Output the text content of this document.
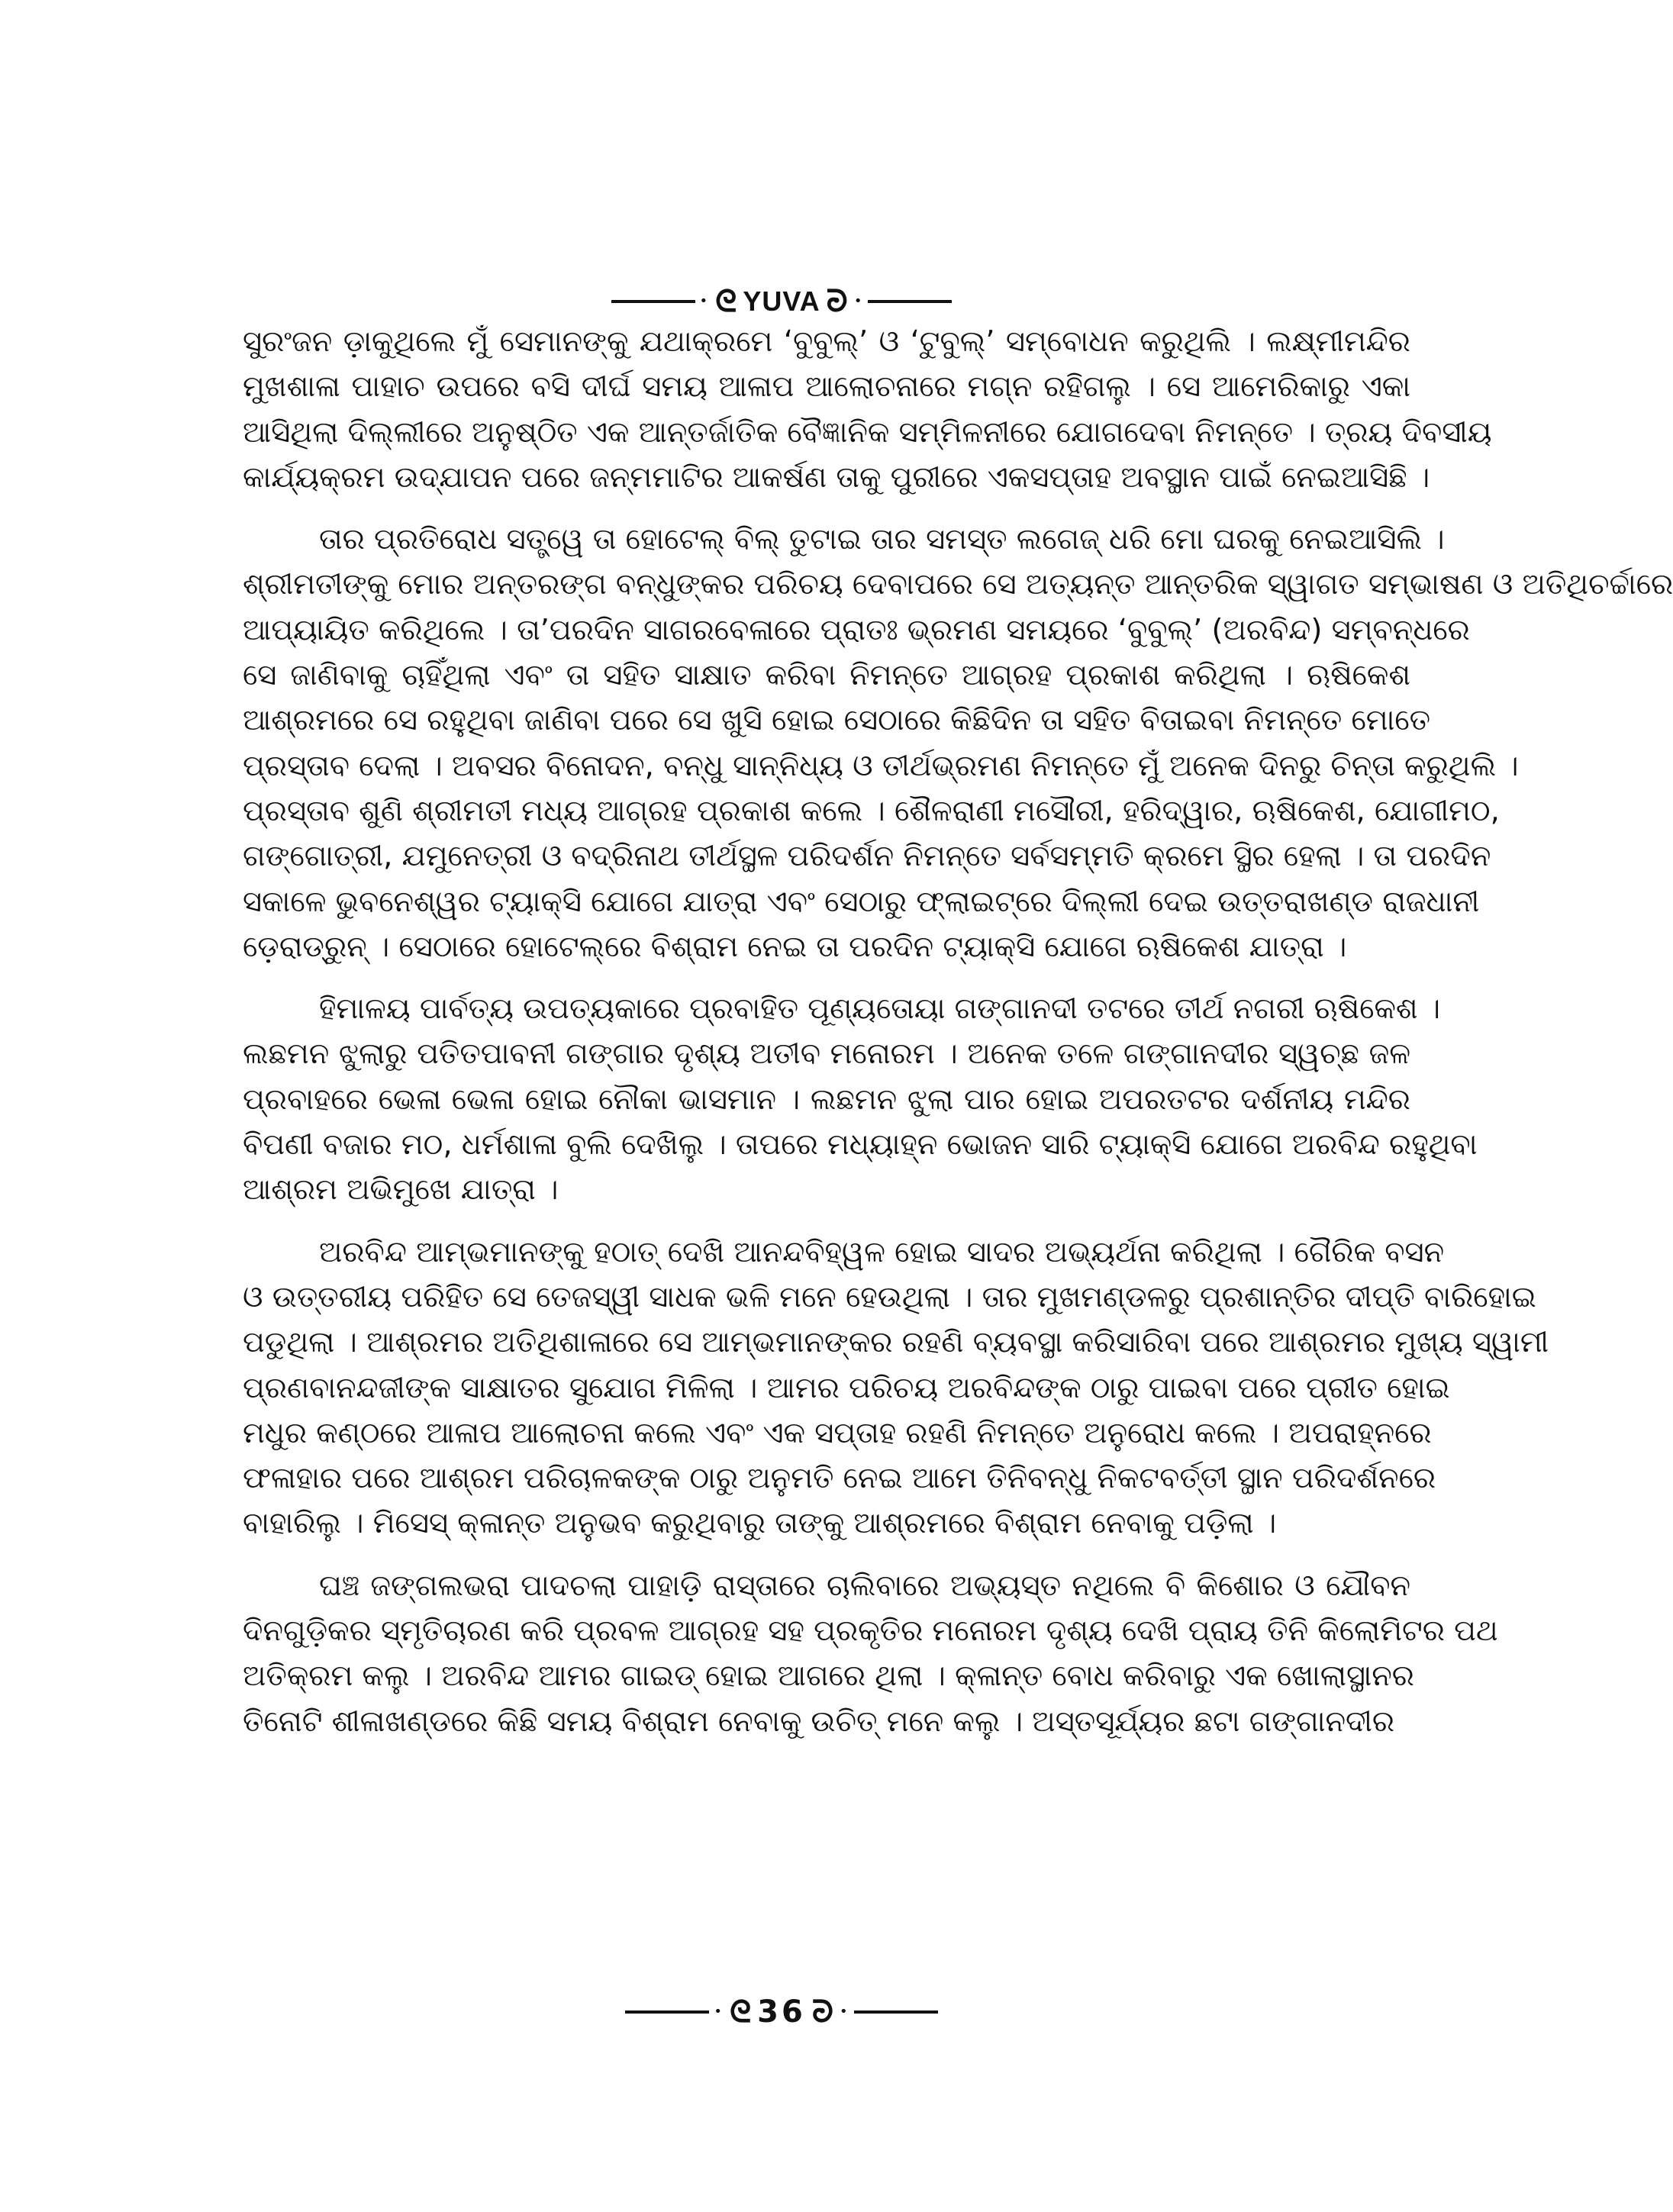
• ᘓ YUVA ᘒ •
ସୁରଂଜନ ଡ଼ାକୁଥିଲେ ମୁଁ ସେମାନଙ୍କୁ ଯଥାକ୍ରମେ ‘ବୁବୁଲ୍’ ଓ ‘ଟୁବୁଲ୍’ ସମ୍ବୋଧନ କରୁଥିଲି । ଲକ୍ଷ୍ମୀମନ୍ଦିର
ମୁଖଶାଳା ପାହାଚ ଉପରେ ବସି ଦୀର୍ଘ ସମୟ ଆଳାପ ଆଲୋଚନାରେ ମଗ୍ନ ରହିଗଲୁ । ସେ ଆମେରିକାରୁ ଏକା
ଆସିଥିଲା ଦିଲ୍ଲୀରେ ଅନୁଷ୍ଠିତ ଏକ ଆନ୍ତର୍ଜାତିକ ବୈଜ୍ଞାନିକ ସମ୍ମିଳନୀରେ ଯୋଗଦେବା ନିମନ୍ତେ । ତ୍ରୟ ଦିବସୀୟ
କାର୍ଯ୍ୟକ୍ରମ ଉଦ୍‌ଯାପନ ପରେ ଜନ୍ମମାଟିର ଆକର୍ଷଣ ତାକୁ ପୁରୀରେ ଏକସପ୍ତାହ ଅବସ୍ଥାନ ପାଇଁ ନେଇଆସିଛି ।
ତାର ପ୍ରତିରୋଧ ସତ୍ତ୍ୱେ ତା ହୋଟେଲ୍ ବିଲ୍ ତୁଟାଇ ତାର ସମସ୍ତ ଲଗେଜ୍ ଧରି ମୋ ଘରକୁ ନେଇଆସିଲି ।
ଶ୍ରୀମତୀଙ୍କୁ ମୋର ଅନ୍ତରଙ୍ଗ ବନ୍ଧୁଙ୍କର ପରିଚୟ ଦେବାପରେ ସେ ଅତ୍ୟନ୍ତ ଆନ୍ତରିକ ସ୍ୱାଗତ ସମ୍ଭାଷଣ ଓ ଅତିଥିଚର୍ଚ୍ଚାରେ
ଆପ୍ୟାୟିତ କରିଥିଲେ । ତା’ପରଦିନ ସାଗରବେଳାରେ ପ୍ରାତଃ ଭ୍ରମଣ ସମୟରେ ‘ବୁବୁଲ୍’ (ଅରବିନ୍ଦ) ସମ୍ବନ୍ଧରେ
ସେ ଜାଣିବାକୁ ଚାହିଁଥିଲା ଏବଂ ତା ସହିତ ସାକ୍ଷାତ କରିବା ନିମନ୍ତେ ଆଗ୍ରହ ପ୍ରକାଶ କରିଥିଲା । ଋଷିକେଶ
ଆଶ୍ରମରେ ସେ ରହୁଥିବା ଜାଣିବା ପରେ ସେ ଖୁସି ହୋଇ ସେଠାରେ କିଛିଦିନ ତା ସହିତ ବିତାଇବା ନିମନ୍ତେ ମୋତେ
ପ୍ରସ୍ତାବ ଦେଲା । ଅବସର ବିନୋଦନ, ବନ୍ଧୁ ସାନ୍ନିଧ୍ୟ ଓ ତୀର୍ଥଭ୍ରମଣ ନିମନ୍ତେ ମୁଁ ଅନେକ ଦିନରୁ ଚିନ୍ତା କରୁଥିଲି ।
ପ୍ରସ୍ତାବ ଶୁଣି ଶ୍ରୀମତୀ ମଧ୍ୟ ଆଗ୍ରହ ପ୍ରକାଶ କଲେ । ଶୈଳରାଣୀ ମସୌରୀ, ହରିଦ୍ୱାର, ଋଷିକେଶ, ଯୋଗୀମଠ,
ଗଙ୍ଗୋତ୍ରୀ, ଯମୁନେତ୍ରୀ ଓ ବଦ୍ରିନାଥ ତୀର୍ଥସ୍ଥଳ ପରିଦର୍ଶନ ନିମନ୍ତେ ସର୍ବସମ୍ମତି କ୍ରମେ ସ୍ଥିର ହେଲା । ତା ପରଦିନ
ସକାଳେ ଭୁବନେଶ୍ୱର ଟ୍ୟାକ୍ସି ଯୋଗେ ଯାତ୍ରା ଏବଂ ସେଠାରୁ ଫ୍ଲାଇଟ୍‌ରେ ଦିଲ୍ଲୀ ଦେଇ ଉତ୍ତରାଖଣ୍ଡ ରାଜଧାନୀ
ଡ଼େରାଡ୍ରୁନ୍ । ସେଠାରେ ହୋଟେଲ୍‌ରେ ବିଶ୍ରାମ ନେଇ ତା ପରଦିନ ଟ୍ୟାକ୍ସି ଯୋଗେ ଋଷିକେଶ ଯାତ୍ରା ।
ହିମାଳୟ ପାର୍ବତ୍ୟ ଉପତ୍ୟକାରେ ପ୍ରବାହିତ ପୂଣ୍ୟତୋୟା ଗଙ୍ଗାନଦୀ ତଟରେ ତୀର୍ଥ ନଗରୀ ଋଷିକେଶ ।
ଲଛମନ ଝୁଲାରୁ ପତିତପାବନୀ ଗଙ୍ଗାର ଦୃଶ୍ୟ ଅତୀବ ମନୋରମ । ଅନେକ ତଳେ ଗଙ୍ଗାନଦୀର ସ୍ୱଚ୍ଛ ଜଳ
ପ୍ରବାହରେ ଭେଳା ଭେଳା ହୋଇ ନୌକା ଭାସମାନ । ଲଛମନ ଝୁଲା ପାର ହୋଇ ଅପରତଟର ଦର୍ଶନୀୟ ମନ୍ଦିର
ବିପଣୀ ବଜାର ମଠ, ଧର୍ମଶାଳା ବୁଲି ଦେଖିଲୁ । ତାପରେ ମଧ୍ୟାହ୍ନ ଭୋଜନ ସାରି ଟ୍ୟାକ୍ସି ଯୋଗେ ଅରବିନ୍ଦ ରହୁଥିବା
ଆଶ୍ରମ ଅଭିମୁଖେ ଯାତ୍ରା ।
ଅରବିନ୍ଦ ଆମ୍ଭମାନଙ୍କୁ ହଠାତ୍ ଦେଖି ଆନନ୍ଦବିହ୍ୱଳ ହୋଇ ସାଦର ଅଭ୍ୟର୍ଥନା କରିଥିଲା । ଗୈରିକ ବସନ
ଓ ଉତ୍ତରୀୟ ପରିହିତ ସେ ତେଜସ୍ୱୀ ସାଧକ ଭଳି ମନେ ହେଉଥିଲା । ତାର ମୁଖମଣ୍ଡଳରୁ ପ୍ରଶାନ୍ତିର ଦୀପ୍ତି ବାରିହୋଇ
ପଡୁଥିଲା । ଆଶ୍ରମର ଅତିଥିଶାଳାରେ ସେ ଆମ୍ଭମାନଙ୍କର ରହଣି ବ୍ୟବସ୍ଥା କରିସାରିବା ପରେ ଆଶ୍ରମର ମୁଖ୍ୟ ସ୍ୱାମୀ
ପ୍ରଣବାନନ୍ଦଜୀଙ୍କ ସାକ୍ଷାତର ସୁଯୋଗ ମିଳିଲା । ଆମର ପରିଚୟ ଅରବିନ୍ଦଙ୍କ ଠାରୁ ପାଇବା ପରେ ପ୍ରୀତ ହୋଇ
ମଧୁର କଣ୍ଠରେ ଆଳାପ ଆଲୋଚନା କଲେ ଏବଂ ଏକ ସପ୍ତାହ ରହଣି ନିମନ୍ତେ ଅନୁରୋଧ କଲେ । ଅପରାହ୍ନରେ
ଫଳାହାର ପରେ ଆଶ୍ରମ ପରିଚାଳକଙ୍କ ଠାରୁ ଅନୁମତି ନେଇ ଆମେ ତିନିବନ୍ଧୁ ନିକଟବର୍ତ୍ତୀ ସ୍ଥାନ ପରିଦର୍ଶନରେ
ବାହାରିଲୁ । ମିସେସ୍ କ୍ଳାନ୍ତ ଅନୁଭବ କରୁଥିବାରୁ ତାଙ୍କୁ ଆଶ୍ରମରେ ବିଶ୍ରାମ ନେବାକୁ ପଡ଼ିଲା ।
ଘଞ୍ଚ ଜଙ୍ଗଲଭରା ପାଦଚଲା ପାହାଡ଼ି ରାସ୍ତାରେ ଚାଲିବାରେ ଅଭ୍ୟସ୍ତ ନଥିଲେ ବି କିଶୋର ଓ ଯୌବନ
ଦିନଗୁଡ଼ିକର ସ୍ମୃତିଚାରଣ କରି ପ୍ରବଳ ଆଗ୍ରହ ସହ ପ୍ରକୃତିର ମନୋରମ ଦୃଶ୍ୟ ଦେଖି ପ୍ରାୟ ତିନି କିଲୋମିଟର ପଥ
ଅତିକ୍ରମ କଲୁ । ଅରବିନ୍ଦ ଆମର ଗାଇଡ୍ ହୋଇ ଆଗରେ ଥିଲା । କ୍ଳାନ୍ତ ବୋଧ କରିବାରୁ ଏକ ଖୋଲାସ୍ଥାନର
ତିନୋଟି ଶୀଳାଖଣ୍ଡରେ କିଛି ସମୟ ବିଶ୍ରାମ ନେବାକୁ ଉଚିତ୍ ମନେ କଲୁ । ଅସ୍ତସୂର୍ଯ୍ୟର ଛଟା ଗଙ୍ଗାନଦୀର
• ᘓ 36 ᘒ •
